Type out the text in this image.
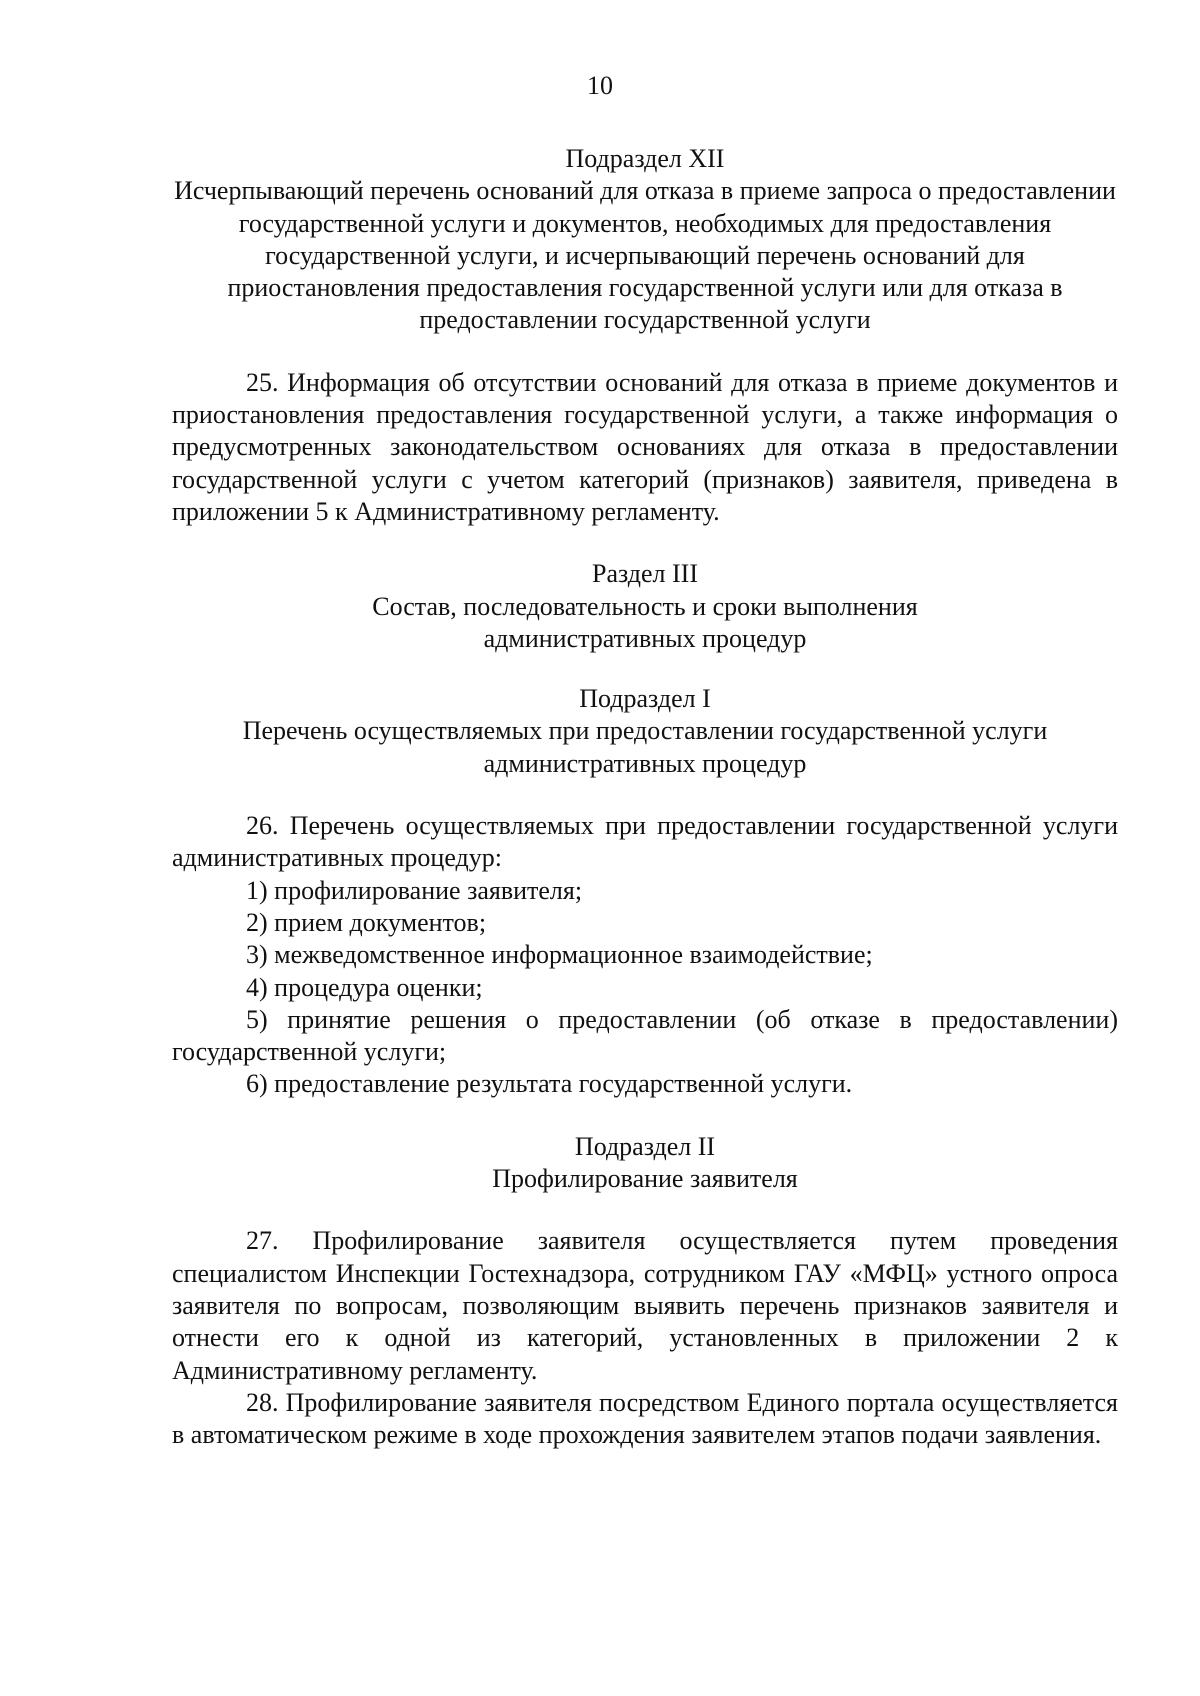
10

Подраздел XII

Исчерпывающий перечень оснований для отказа в приеме запроса о предоставлении государственной услуги и документов, необходимых для предоставления государственной услуги, и исчерпывающий перечень оснований для приостановления предоставления государственной услуги или для отказа в предоставлении государственной услуги

25. Информация об отсутствии оснований для отказа в приеме документов и приостановления предоставления государственной услуги, а также информация о предусмотренных законодательством основаниях для отказа в предоставлении государственной услуги с учетом категорий (признаков) заявителя, приведена в приложении 5 к Административному регламенту.

Раздел III

Состав, последовательность и сроки выполнения

административных процедур

Подраздел I

Перечень осуществляемых при предоставлении государственной услуги

административных процедур

26. Перечень осуществляемых при предоставлении государственной услуги административных процедур:

1) профилирование заявителя;

2) прием документов;

3) межведомственное информационное взаимодействие;

4) процедура оценки;

5) принятие решения о предоставлении (об отказе в предоставлении) государственной услуги;

6) предоставление результата государственной услуги.

Подраздел II

Профилирование заявителя

27. Профилирование заявителя осуществляется путем проведения специалистом Инспекции Гостехнадзора, сотрудником ГАУ «МФЦ» устного опроса заявителя по вопросам, позволяющим выявить перечень признаков заявителя и отнести его к одной из категорий, установленных в приложении 2 к Административному регламенту.

28. Профилирование заявителя посредством Единого портала осуществляется в автоматическом режиме в ходе прохождения заявителем этапов подачи заявления.
